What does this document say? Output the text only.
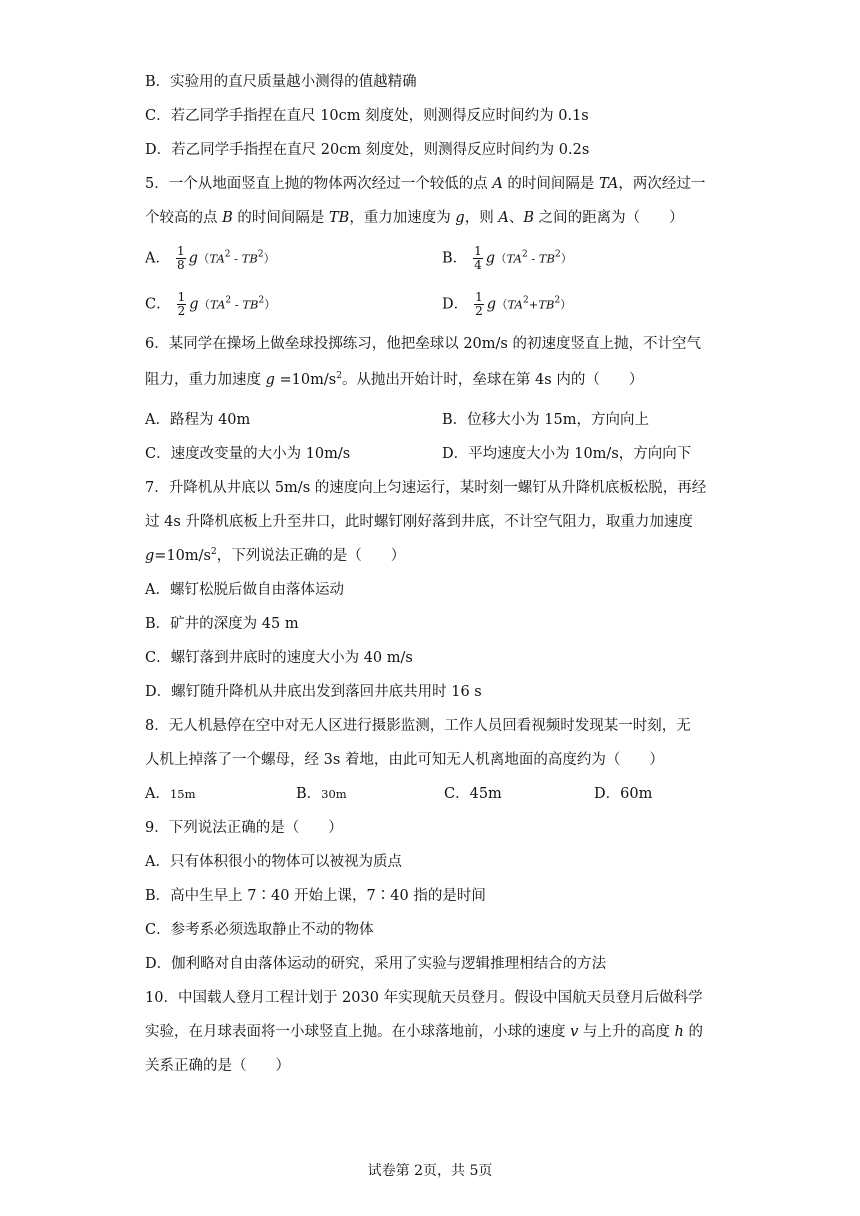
B．实验用的直尺质量越小测得的值越精确
C．若乙同学手指捏在直尺 10cm 刻度处，则测得反应时间约为 0.1s
D．若乙同学手指捏在直尺 20cm 刻度处，则测得反应时间约为 0.2s
5．一个从地面竖直上抛的物体两次经过一个较低的点 A 的时间间隔是 TA，两次经过一
个较高的点 B 的时间间隔是 TB，重力加速度为 g，则 A、B 之间的距离为（　　）
A． $\frac{1}{8} g(TA^2 - TB^2)$	B． $\frac{1}{4} g(TA^2 - TB^2)$
C． $\frac{1}{2} g(TA^2 - TB^2)$	D． $\frac{1}{2} g(TA^2+TB^2)$
6．某同学在操场上做垒球投掷练习，他把垒球以 20m/s 的初速度竖直上抛，不计空气
阻力，重力加速度 $g =10m/s^2$。从抛出开始计时，垒球在第 4s 内的（　　）
A．路程为 40m	B．位移大小为 15m，方向向上
C．速度改变量的大小为 10m/s	D．平均速度大小为 10m/s，方向向下
7．升降机从井底以 5m/s 的速度向上匀速运行，某时刻一螺钉从升降机底板松脱，再经
过 4s 升降机底板上升至井口，此时螺钉刚好落到井底，不计空气阻力，取重力加速度
$g=10m/s^2$，下列说法正确的是（　　）
A．螺钉松脱后做自由落体运动
B．矿井的深度为 45 m
C．螺钉落到井底时的速度大小为 40 m/s
D．螺钉随升降机从井底出发到落回井底共用时 16 s
8．无人机悬停在空中对无人区进行摄影监测，工作人员回看视频时发现某一时刻，无
人机上掉落了一个螺母，经 3s 着地，由此可知无人机离地面的高度约为（　　）
A．15m	B．30m	C．45m	D．60m
9．下列说法正确的是（　　）
A．只有体积很小的物体可以被视为质点
B．高中生早上 7∶40 开始上课，7∶40 指的是时间
C．参考系必须选取静止不动的物体
D．伽利略对自由落体运动的研究，采用了实验与逻辑推理相结合的方法
10．中国载人登月工程计划于 2030 年实现航天员登月。假设中国航天员登月后做科学
实验，在月球表面将一小球竖直上抛。在小球落地前，小球的速度 v 与上升的高度 h 的
关系正确的是（　　）
试卷第 2页，共 5页
